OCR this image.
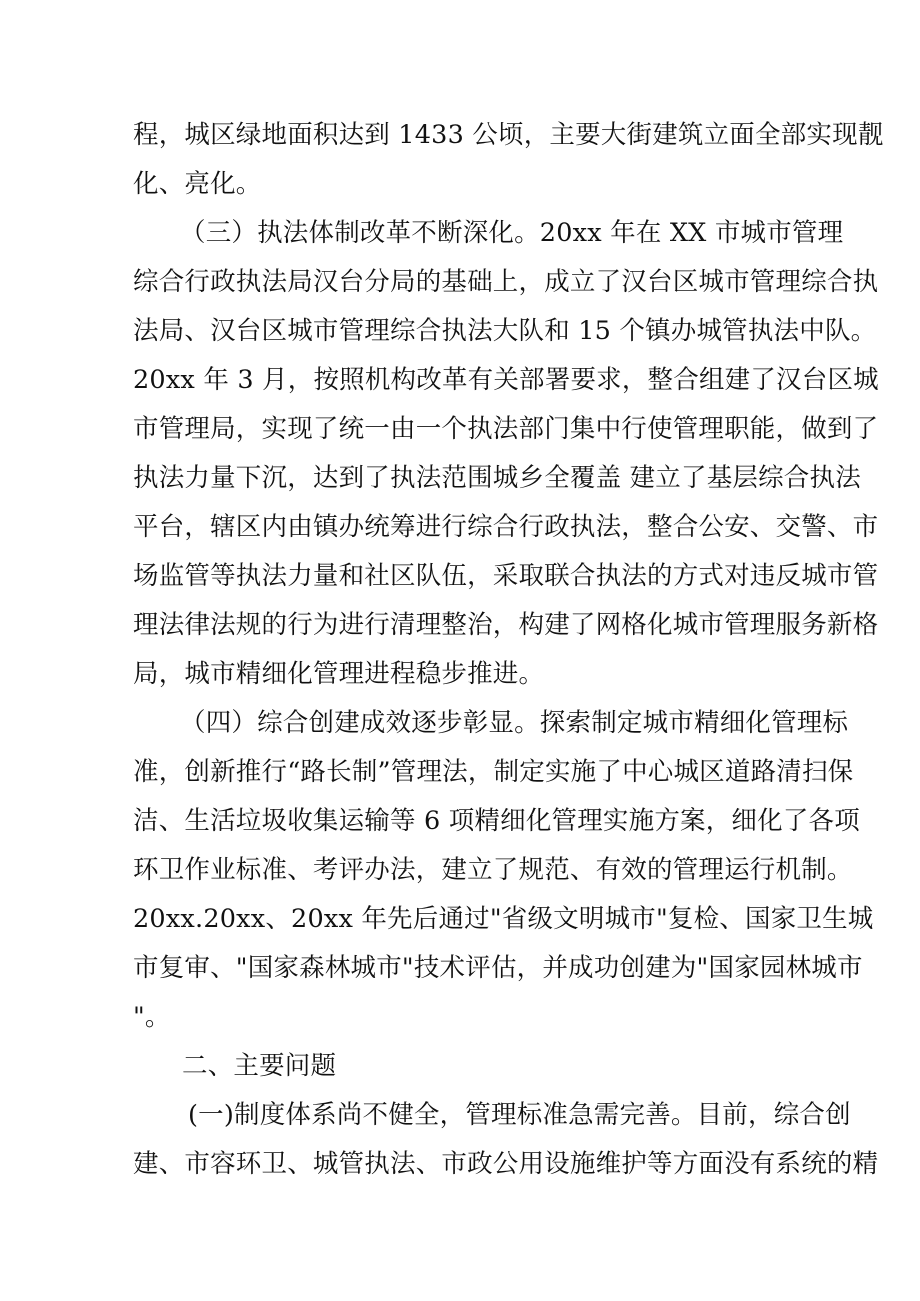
程，城区绿地面积达到 1433 公顷，主要大街建筑立面全部实现靓
化、亮化。
（三）执法体制改革不断深化。20xx 年在 XX 市城市管理
综合行政执法局汉台分局的基础上，成立了汉台区城市管理综合执
法局、汉台区城市管理综合执法大队和 15 个镇办城管执法中队。
20xx 年 3 月，按照机构改革有关部署要求，整合组建了汉台区城
市管理局，实现了统一由一个执法部门集中行使管理职能，做到了
执法力量下沉，达到了执法范围城乡全覆盖 建立了基层综合执法
平台，辖区内由镇办统筹进行综合行政执法，整合公安、交警、市
场监管等执法力量和社区队伍，采取联合执法的方式对违反城市管
理法律法规的行为进行清理整治，构建了网格化城市管理服务新格
局，城市精细化管理进程稳步推进。
（四）综合创建成效逐步彰显。探索制定城市精细化管理标
准，创新推行“路长制”管理法，制定实施了中心城区道路清扫保
洁、生活垃圾收集运输等 6 项精细化管理实施方案，细化了各项
环卫作业标准、考评办法，建立了规范、有效的管理运行机制。
20xx.20xx、20xx 年先后通过"省级文明城市"复检、国家卫生城
市复审、"国家森林城市"技术评估，并成功创建为"国家园林城市
"。
二、主要问题
(一)制度体系尚不健全，管理标准急需完善。目前，综合创
建、市容环卫、城管执法、市政公用设施维护等方面没有系统的精
